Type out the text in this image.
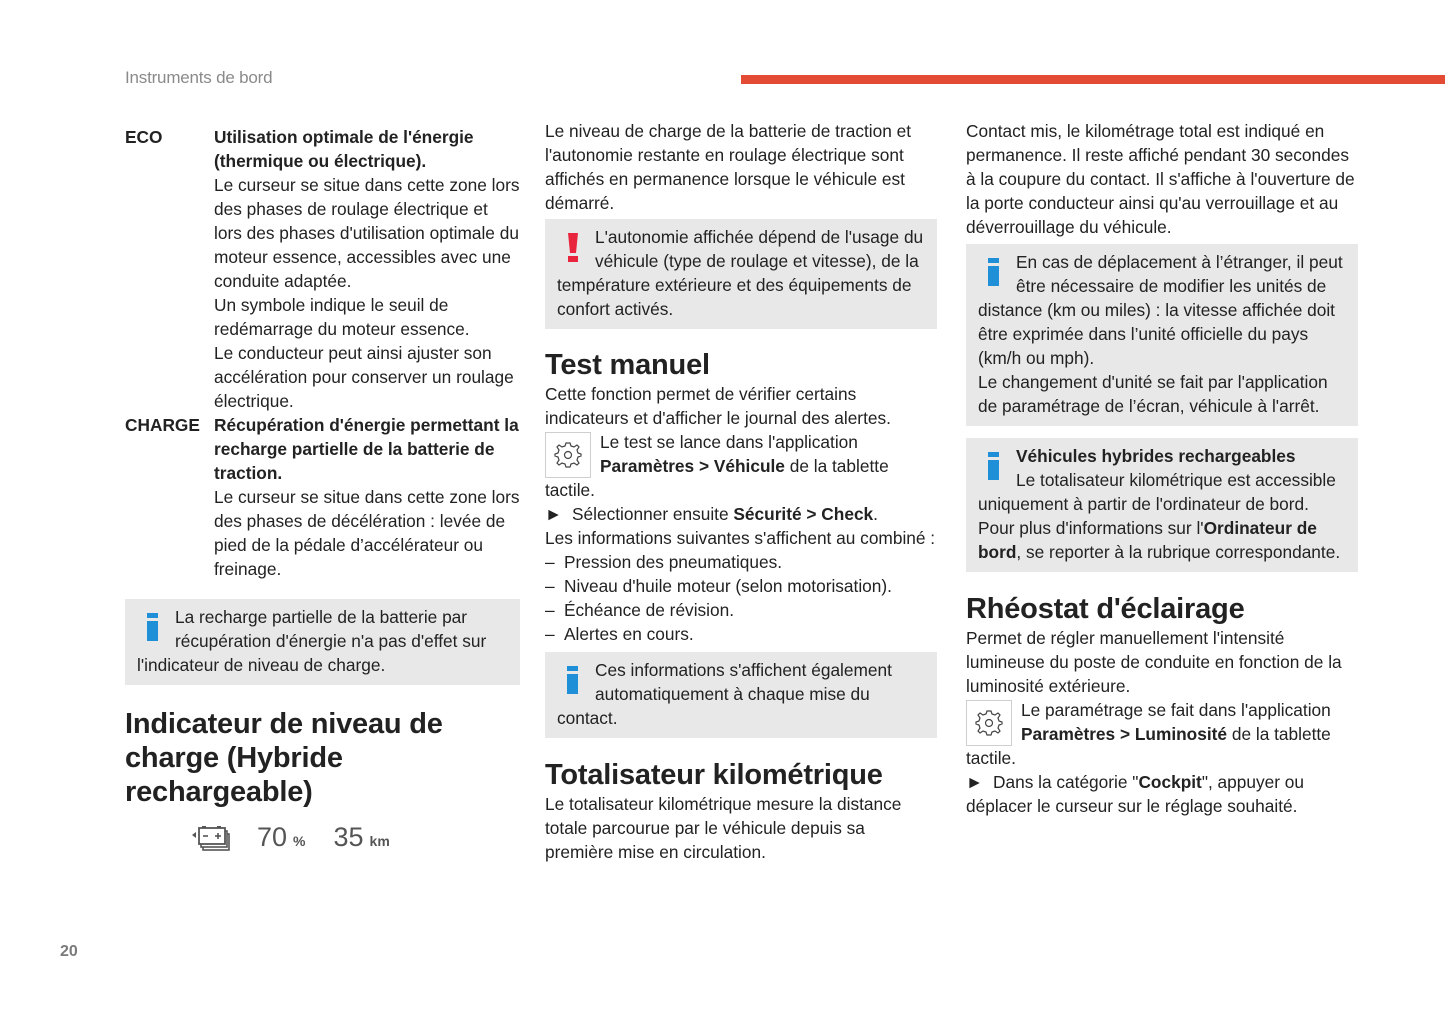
Instruments de bord
ECO	Utilisation optimale de l'énergie (thermique ou électrique).

Le curseur se situe dans cette zone lors des phases de roulage électrique et lors des phases d'utilisation optimale du moteur essence, accessibles avec une conduite adaptée.

Un symbole indique le seuil de redémarrage du moteur essence.

Le conducteur peut ainsi ajuster son accélération pour conserver un roulage électrique.

CHARGE Récupération d'énergie permettant la recharge partielle de la batterie de traction.

Le curseur se situe dans cette zone lors des phases de décélération : levée de pied de la pédale d’accélérateur ou freinage.

La recharge partielle de la batterie par récupération d'énergie n'a pas d'effet sur l'indicateur de niveau de charge.
Indicateur de niveau de charge (Hybride rechargeable)
70 % 35 km

Le niveau de charge de la batterie de traction et l'autonomie restante en roulage électrique sont affichés en permanence lorsque le véhicule est démarré.

L'autonomie affichée dépend de l'usage du véhicule (type de roulage et vitesse), de la température extérieure et des équipements de confort activés.
Test manuel

Cette fonction permet de vérifier certains indicateurs et d'afficher le journal des alertes.

Le test se lance dans l'application Paramètres > Véhicule de la tablette tactile.

► Sélectionner ensuite Sécurité > Check.

Les informations suivantes s'affichent au combiné :

– Pression des pneumatiques.
– Niveau d'huile moteur (selon motorisation).
– Échéance de révision.
– Alertes en cours.
Ces informations s'affichent également automatiquement à chaque mise du contact.
Totalisateur kilométrique

Le totalisateur kilométrique mesure la distance totale parcourue par le véhicule depuis sa première mise en circulation.

Contact mis, le kilométrage total est indiqué en permanence. Il reste affiché pendant 30 secondes à la coupure du contact. Il s'affiche à l'ouverture de la porte conducteur ainsi qu'au verrouillage et au déverrouillage du véhicule.

En cas de déplacement à l’étranger, il peut être nécessaire de modifier les unités de distance (km ou miles) : la vitesse affichée doit être exprimée dans l’unité officielle du pays (km/h ou mph).

Le changement d'unité se fait par l'application de paramétrage de l’écran, véhicule à l'arrêt.

Véhicules hybrides rechargeables

Le totalisateur kilométrique est accessible uniquement à partir de l'ordinateur de bord.

Pour plus d'informations sur l'Ordinateur de bord, se reporter à la rubrique correspondante.

Rhéostat d'éclairage

Permet de régler manuellement l'intensité lumineuse du poste de conduite en fonction de la luminosité extérieure.

Le paramétrage se fait dans l'application Paramètres > Luminosité de la tablette tactile.

► Dans la catégorie "Cockpit", appuyer ou déplacer le curseur sur le réglage souhaité.

20
